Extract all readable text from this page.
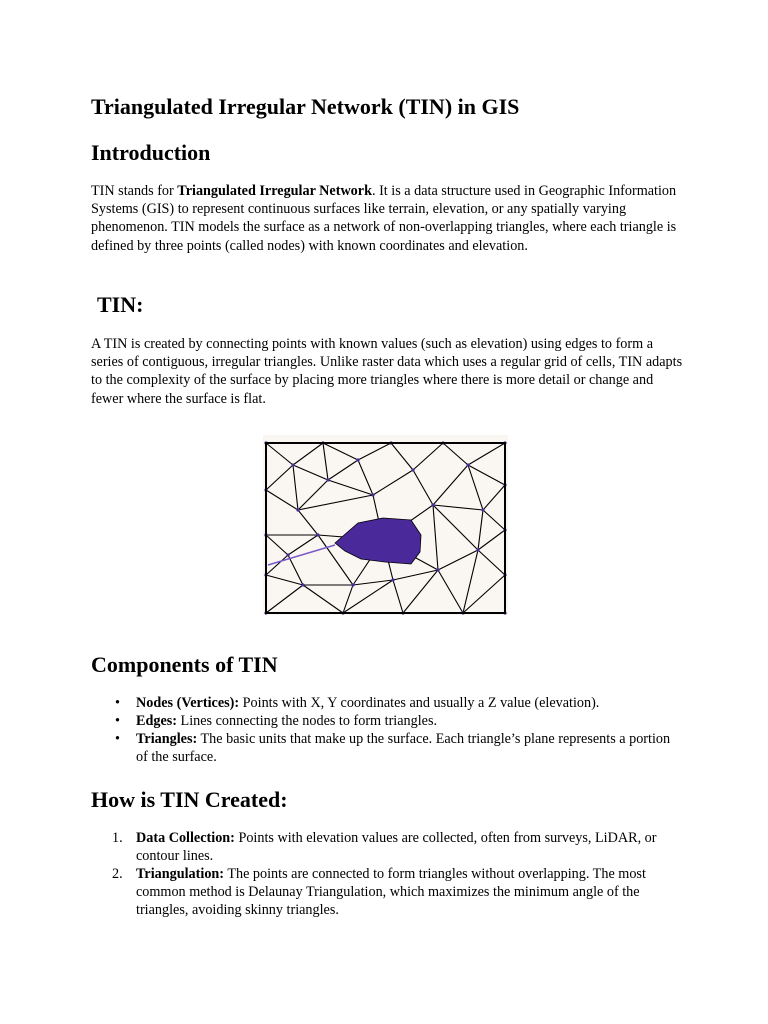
Triangulated Irregular Network (TIN) in GIS
Introduction

TIN stands for Triangulated Irregular Network. It is a data structure used in Geographic Information Systems (GIS) to represent continuous surfaces like terrain, elevation, or any spatially varying phenomenon. TIN models the surface as a network of non-overlapping triangles, where each triangle is defined by three points (called nodes) with known coordinates and elevation.

TIN:

A TIN is created by connecting points with known values (such as elevation) using edges to form a series of contiguous, irregular triangles. Unlike raster data which uses a regular grid of cells, TIN adapts to the complexity of the surface by placing more triangles where there is more detail or change and fewer where the surface is flat.

Components of TIN
• Nodes (Vertices): Points with X, Y coordinates and usually a Z value (elevation).
• Edges: Lines connecting the nodes to form triangles.
• Triangles: The basic units that make up the surface. Each triangle’s plane represents a portion of the surface.
How is TIN Created:
1. Data Collection: Points with elevation values are collected, often from surveys, LiDAR, or contour lines.
2. Triangulation: The points are connected to form triangles without overlapping. The most common method is Delaunay Triangulation, which maximizes the minimum angle of the triangles, avoiding skinny triangles.
